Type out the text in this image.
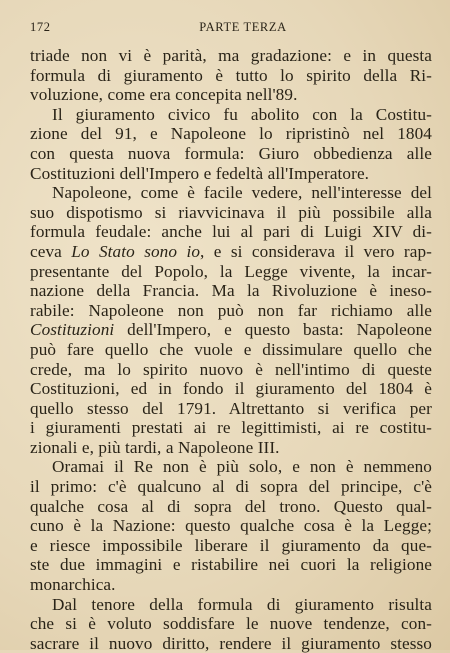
172	PARTE TERZA
triade non vi è parità, ma gradazione: e in questa
formula di giuramento è tutto lo spirito della Ri-
voluzione, come era concepita nell'89.
Il giuramento civico fu abolito con la Costitu-
zione del 91, e Napoleone lo ripristinò nel 1804
con questa nuova formula: Giuro obbedienza alle
Costituzioni dell'Impero e fedeltà all'Imperatore.
Napoleone, come è facile vedere, nell'interesse del
suo dispotismo si riavvicinava il più possibile alla
formula feudale: anche lui al pari di Luigi XIV di-
ceva Lo Stato sono io, e si considerava il vero rap-
presentante del Popolo, la Legge vivente, la incar-
nazione della Francia. Ma la Rivoluzione è inesо-
rabile: Napoleone non può non far richiamo alle
Costituzioni dell'Impero, e questo basta: Napoleone
può fare quello che vuole e dissimulare quello che
crede, ma lo spirito nuovo è nell'intimo di queste
Costituzioni, ed in fondo il giuramento del 1804 è
quello stesso del 1791. Altrettanto si verifica per
i giuramenti prestati ai re legittimisti, ai re costitu-
zionali e, più tardi, a Napoleone III.
Oramai il Re non è più solo, e non è nemmeno
il primo: c'è qualcuno al di sopra del principe, c'è
qualche cosa al di sopra del trono. Questo qual-
cuno è la Nazione: questo qualche cosa è la Legge;
e riesce impossibile liberare il giuramento da que-
ste due immagini e ristabilire nei cuori la religione
monarchica.
Dal tenore della formula di giuramento risulta
che si è voluto soddisfare le nuove tendenze, con-
sacrare il nuovo diritto, rendere il giuramento stesso
